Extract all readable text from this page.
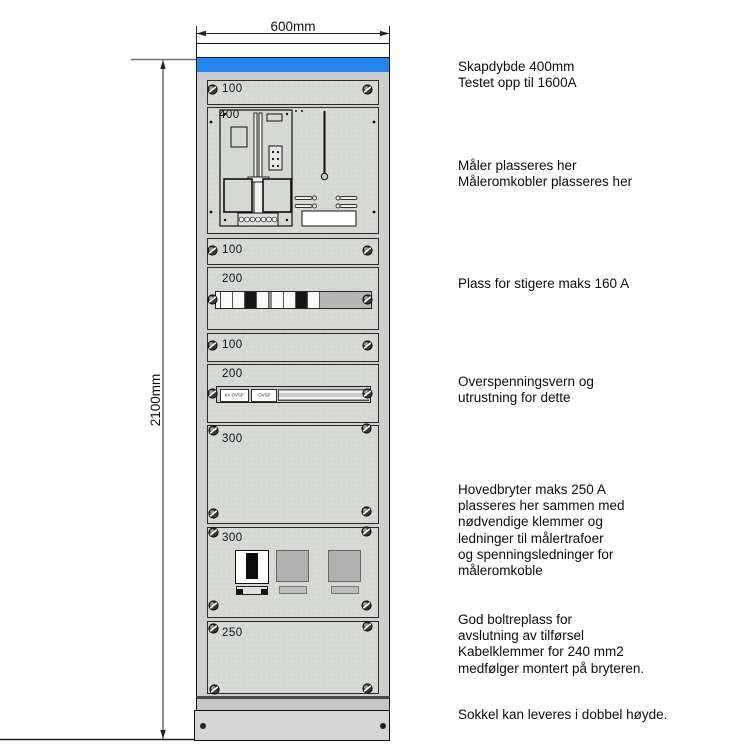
600mm
2100mm	KV OVSP OVSP
100
400
100
200
100
200
300
300
250
Skapdybde 400mm
Testet opp til 1600A
Måler plasseres her
Måleromkobler plasseres her
Plass for stigere maks 160 A
Overspenningsvern og
utrustning for dette
Hovedbryter maks 250 A
plasseres her sammen med
nødvendige klemmer og
ledninger til målertrafoer
og spenningsledninger for
måleromkoble
God boltreplass for
avslutning av tilførsel
Kabelklemmer for 240 mm2
medfølger montert på bryteren.
Sokkel kan leveres i dobbel høyde.
